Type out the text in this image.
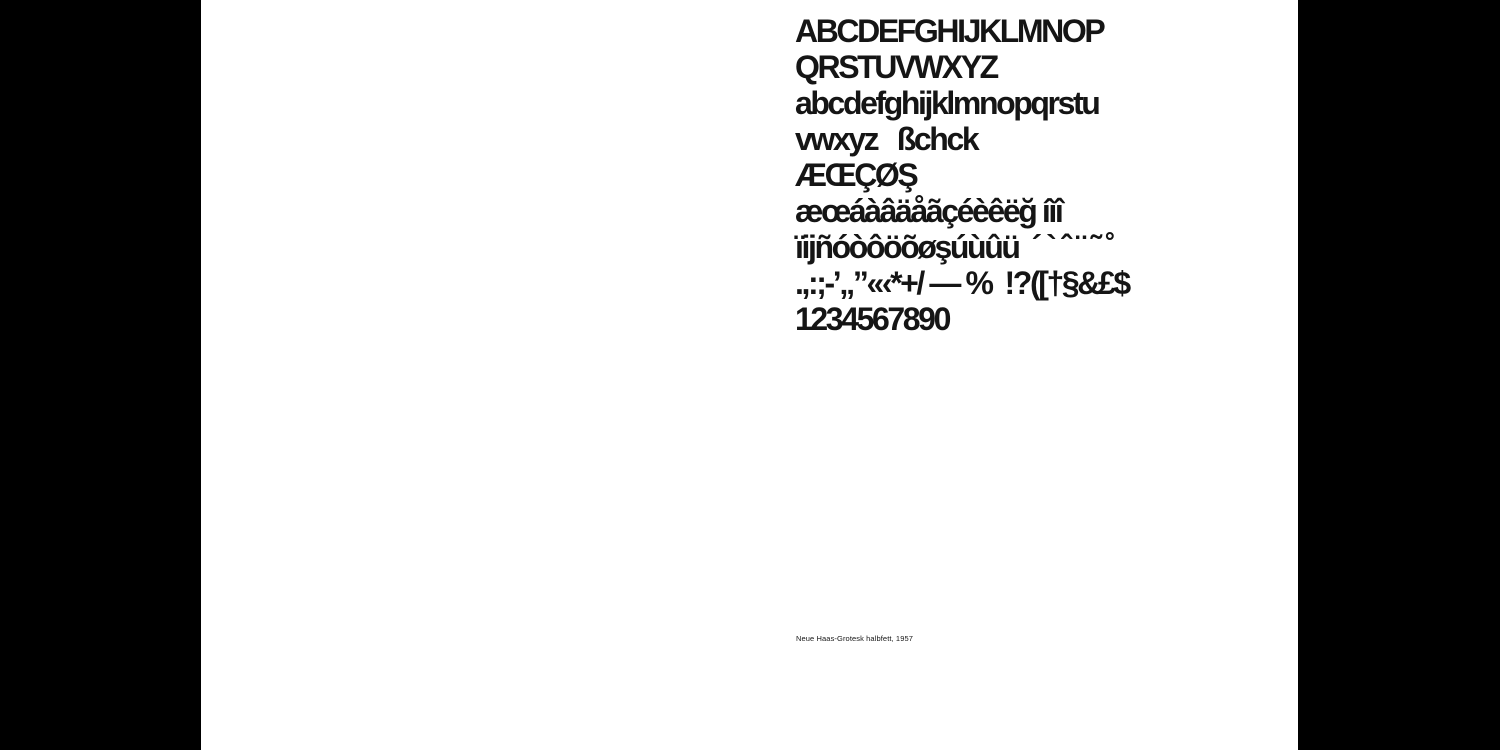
ABCDEFGHIJKLMNOP
QRSTUVWXYZ
abcdefghijklmnopqrstu
vwxyz   ßchck
ÆŒÇØŞ
æœáàâäåãçéèêëğ íìî
ïijñóòôöõøşúùûü  ´ ` ˆ ¨ ˜ ˚
.,:;-’„”«‹*+/ — %  !?([†§&£$
1234567890
Neue Haas-Grotesk halbfett, 1957
